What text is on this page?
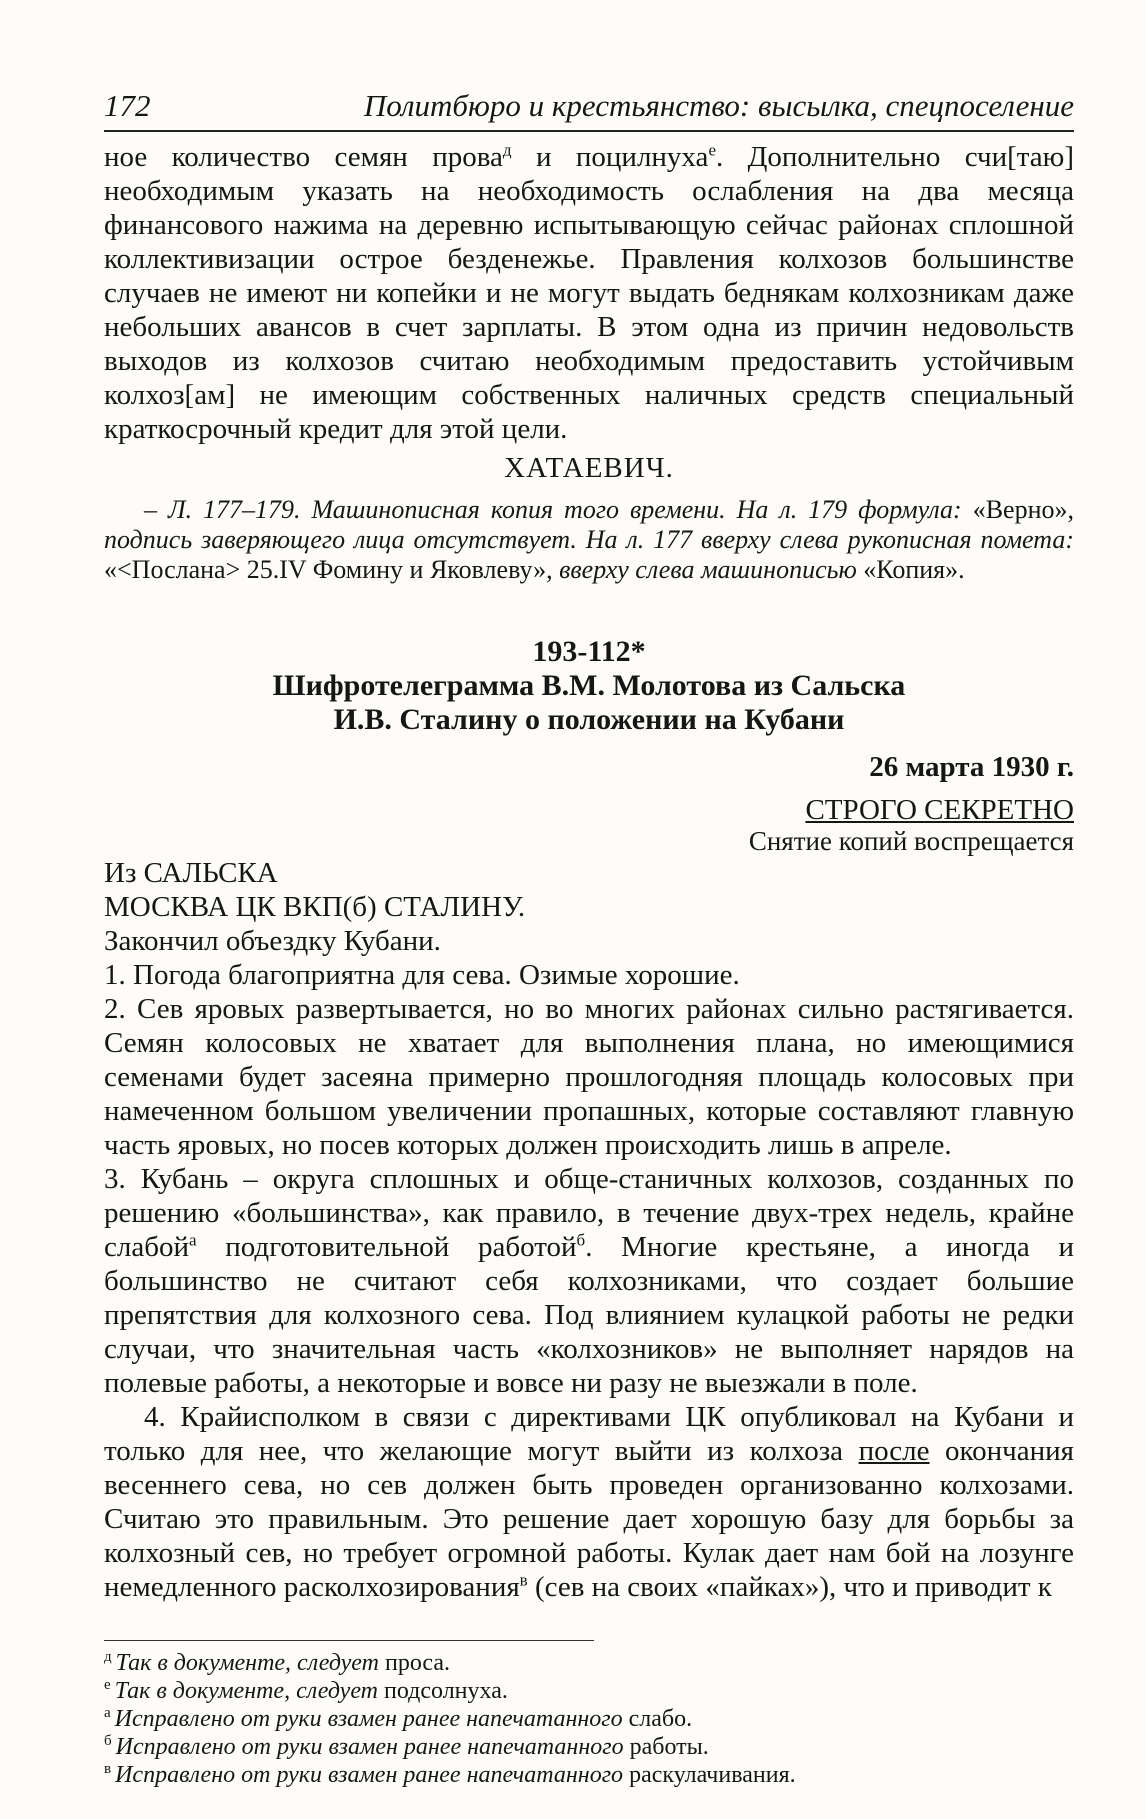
172	Политбюро и крестьянство: высылка, спецпоселение

ное количество семян прова$^д$ и поцилнуха$^е$. Дополнительно счи[таю] необходимым указать на необходимость ослабления на два месяца финансового нажима на деревню испытывающую сейчас районах сплошной коллективизации острое безденежье. Правления колхозов большинстве случаев не имеют ни копейки и не могут выдать беднякам колхозникам даже небольших авансов в счет зарплаты. В этом одна из причин недовольств выходов из колхозов считаю необходимым предоставить устойчивым колхоз[ам] не имеющим собственных наличных средств специальный краткосрочный кредит для этой цели.

ХАТАЕВИЧ.

– Л. 177–179. Машинописная копия того времени. На л. 179 формула: «Верно», подпись заверяющего лица отсутствует. На л. 177 вверху слева рукописная помета: «<Послана> 25.IV Фомину и Яковлеву», вверху слева машинописью «Копия».

193-112*
Шифротелеграмма В.М. Молотова из Сальска
И.В. Сталину о положении на Кубани
26 марта 1930 г.
СТРОГО СЕКРЕТНО
Снятие копий воспрещается

Из САЛЬСКА

МОСКВА ЦК ВКП(б) СТАЛИНУ.

Закончил объездку Кубани.

1. Погода благоприятна для сева. Озимые хорошие.

2. Сев яровых развертывается, но во многих районах сильно растягивается. Семян колосовых не хватает для выполнения плана, но имеющимися семенами будет засеяна примерно прошлогодняя площадь колосовых при намеченном большом увеличении пропашных, которые составляют главную часть яровых, но посев которых должен происходить лишь в апреле.

3. Кубань – округа сплошных и обще-станичных колхозов, созданных по решению «большинства», как правило, в течение двух-трех недель, крайне слабой$^а$ подготовительной работой$^б$. Многие крестьяне, а иногда и большинство не считают себя колхозниками, что создает большие препятствия для колхозного сева. Под влиянием кулацкой работы не редки случаи, что значительная часть «колхозников» не выполняет нарядов на полевые работы, а некоторые и вовсе ни разу не выезжали в поле.

4. Крайисполком в связи с директивами ЦК опубликовал на Кубани и только для нее, что желающие могут выйти из колхоза после окончания весеннего сева, но сев должен быть проведен организованно колхозами. Считаю это правильным. Это решение дает хорошую базу для борьбы за колхозный сев, но требует огромной работы. Кулак дает нам бой на лозунге немедленного расколхозирования$^в$ (сев на своих «пайках»), что и приводит к

$^д$ Так в документе, следует проса.
$^е$ Так в документе, следует подсолнуха.
$^а$ Исправлено от руки взамен ранее напечатанного слабо.
$^б$ Исправлено от руки взамен ранее напечатанного работы.
$^в$ Исправлено от руки взамен ранее напечатанного раскулачивания.
